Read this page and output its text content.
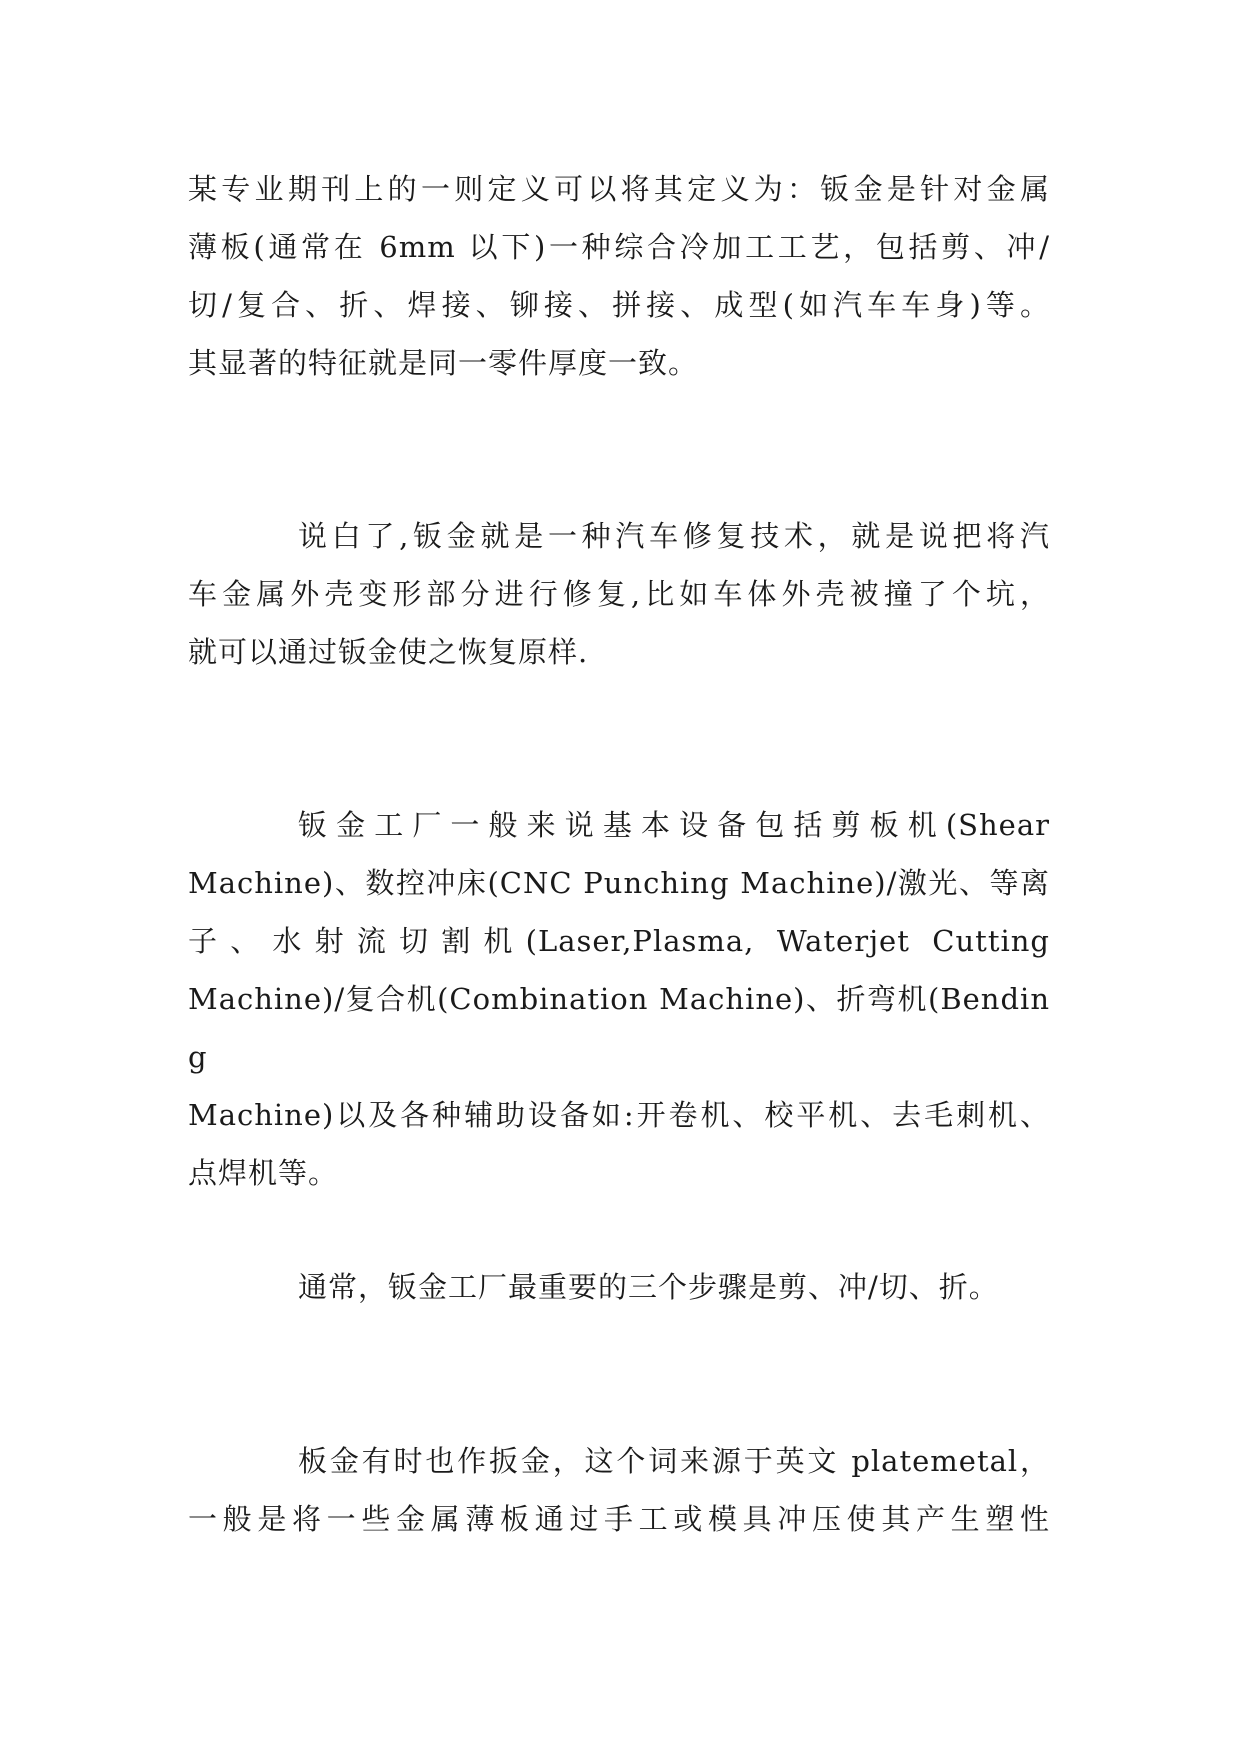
某专业期刊上的一则定义可以将其定义为：钣金是针对金属
薄板(通常在 6mm 以下)一种综合冷加工工艺，包括剪、冲/
切/复合、折、焊接、铆接、拼接、成型(如汽车车身)等。
其显著的特征就是同一零件厚度一致。
说白了,钣金就是一种汽车修复技术，就是说把将汽
车金属外壳变形部分进行修复,比如车体外壳被撞了个坑，
就可以通过钣金使之恢复原样.
钣金工厂一般来说基本设备包括剪板机(Shear
Machine)、数控冲床(CNC Punching Machine)/激光、等离
子、水射流切割机(Laser,Plasma, Waterjet Cutting
Machine)/复合机(Combination Machine)、折弯机(Bending
Machine)以及各种辅助设备如:开卷机、校平机、去毛刺机、
点焊机等。
通常，钣金工厂最重要的三个步骤是剪、冲/切、折。
板金有时也作扳金，这个词来源于英文 platemetal，
一般是将一些金属薄板通过手工或模具冲压使其产生塑性
